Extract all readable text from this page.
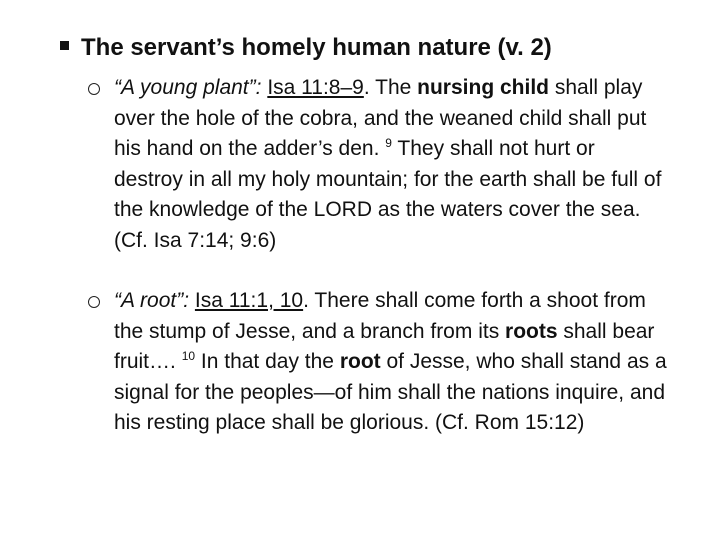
The servant’s homely human nature (v. 2)
“A young plant”: Isa 11:8–9. The nursing child shall play over the hole of the cobra, and the weaned child shall put his hand on the adder’s den. $^9$ They shall not hurt or destroy in all my holy mountain; for the earth shall be full of the knowledge of the LORD as the waters cover the sea. (Cf. Isa 7:14; 9:6)
“A root”: Isa 11:1, 10. There shall come forth a shoot from the stump of Jesse, and a branch from its roots shall bear fruit…. $^{10}$ In that day the root of Jesse, who shall stand as a signal for the peoples—of him shall the nations inquire, and his resting place shall be glorious. (Cf. Rom 15:12)
